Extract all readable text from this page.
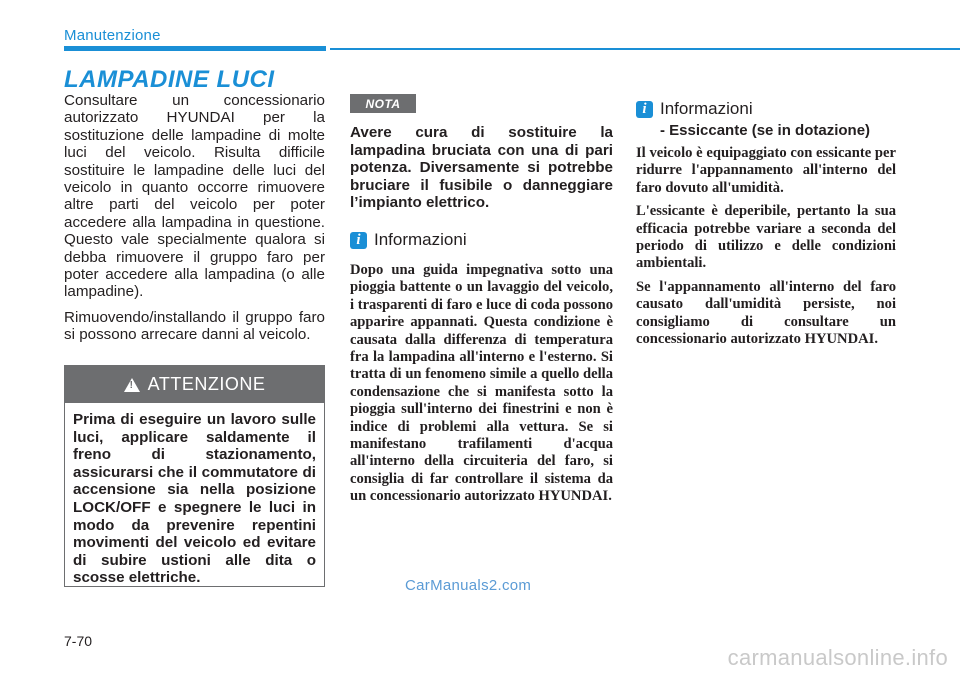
Manutenzione
LAMPADINE LUCI

Consultare un concessionario autorizzato HYUNDAI per la sostituzione delle lampadine di molte luci del veicolo. Risulta difficile sostituire le lampadine delle luci del veicolo in quanto occorre rimuovere altre parti del veicolo per poter accedere alla lampadina in questione. Questo vale specialmente qualora si debba rimuovere il gruppo faro per poter accedere alla lampadina (o alle lampadine).

Rimuovendo/installando il gruppo faro si possono arrecare danni al veicolo.

! ATTENZIONE
Prima di eseguire un lavoro sulle luci, applicare saldamente il freno di stazionamento, assicurarsi che il commutatore di accensione sia nella posizione LOCK/OFF e spegnere le luci in modo da prevenire repentini movimenti del veicolo ed evitare di subire ustioni alle dita o scosse elettriche.
NOTA
Avere cura di sostituire la lampadina bruciata con una di pari potenza. Diversamente si potrebbe bruciare il fusibile o danneggiare l’impianto elettrico.
i Informazioni

Dopo una guida impegnativa sotto una pioggia battente o un lavaggio del veicolo, i trasparenti di faro e luce di coda possono apparire appannati. Questa condizione è causata dalla differenza di temperatura fra la lampadina all'interno e l'esterno. Si tratta di un fenomeno simile a quello della condensazione che si manifesta sotto la pioggia sull'interno dei finestrini e non è indice di problemi alla vettura. Se si manifestano trafilamenti d'acqua all'interno della circuiteria del faro, si consiglia di far controllare il sistema da un concessionario autorizzato HYUNDAI.

i Informazioni
- Essiccante (se in dotazione)

Il veicolo è equipaggiato con essicante per ridurre l'appannamento all'interno del faro dovuto all'umidità.

L'essicante è deperibile, pertanto la sua efficacia potrebbe variare a seconda del periodo di utilizzo e delle condizioni ambientali.

Se l'appannamento all'interno del faro causato dall'umidità persiste, noi consigliamo di consultare un concessionario autorizzato HYUNDAI.

CarManuals2.com
7-70
carmanualsonline.info
